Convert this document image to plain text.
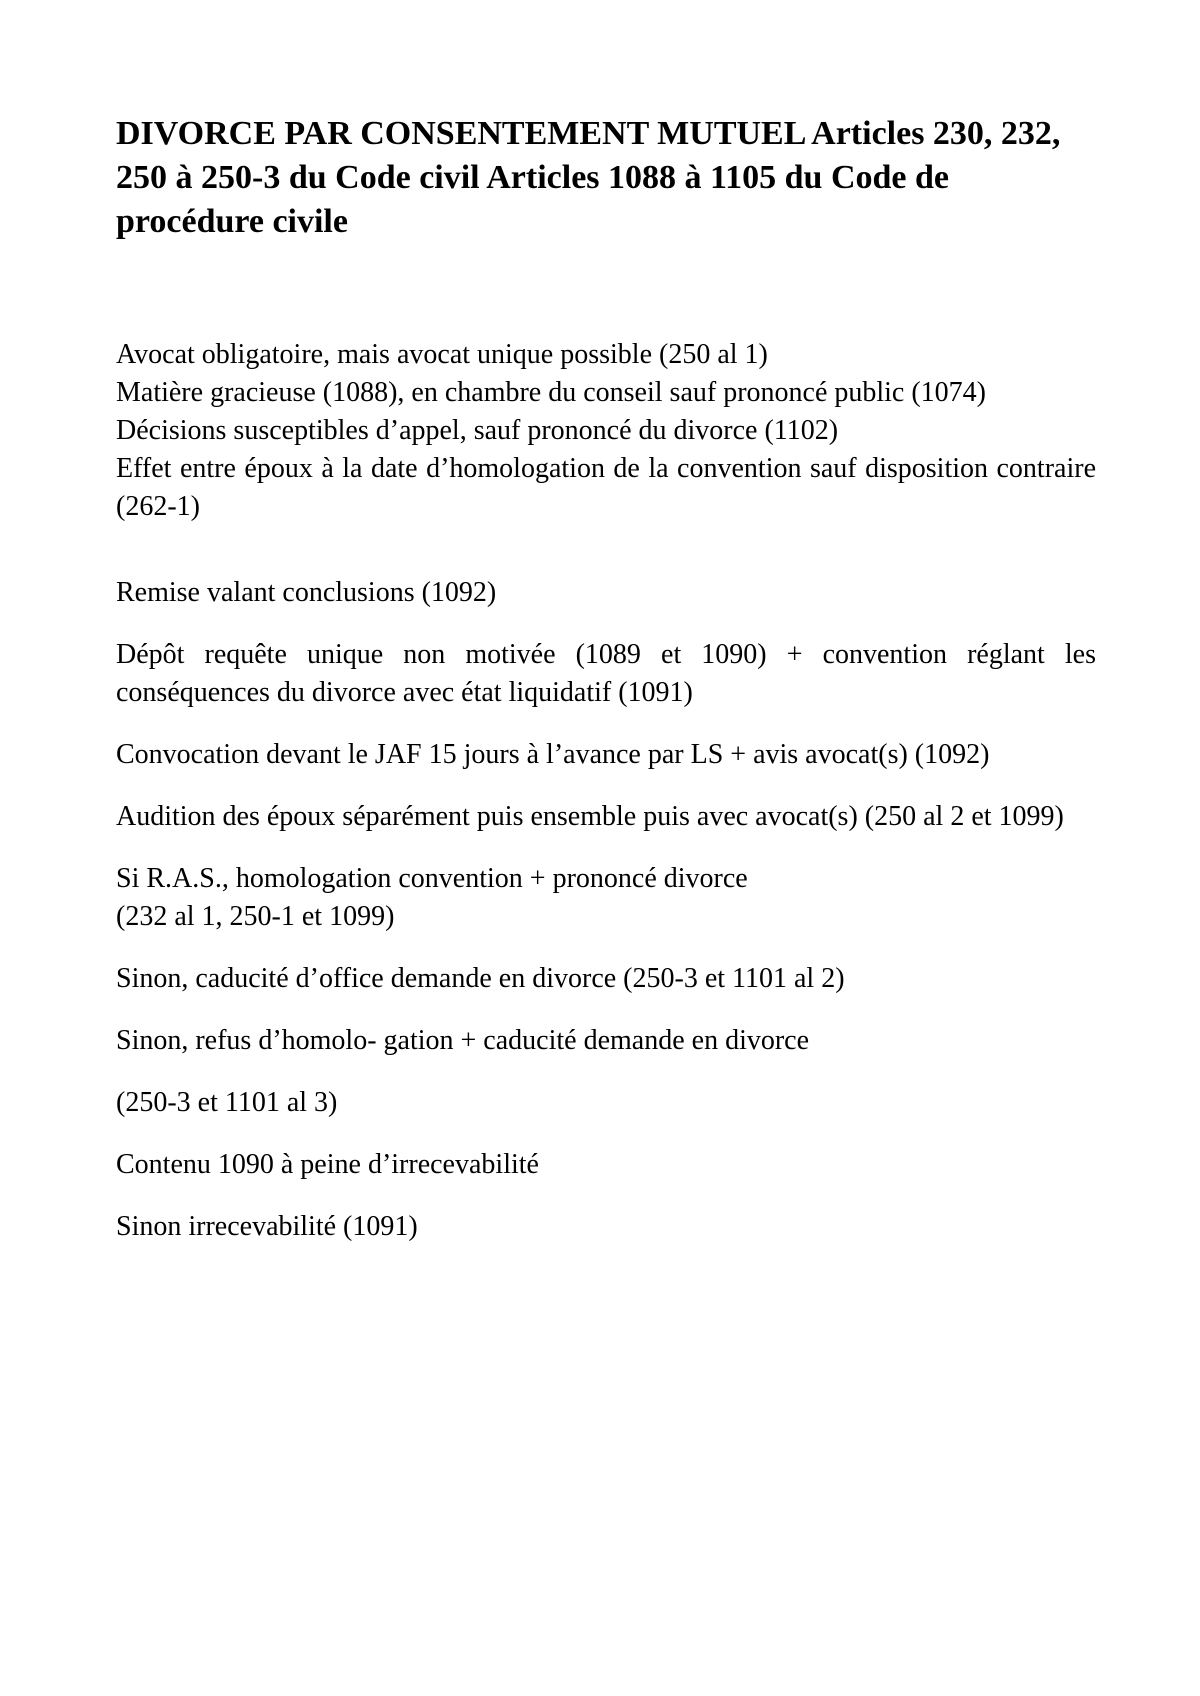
DIVORCE PAR CONSENTEMENT MUTUEL Articles 230, 232, 250 à 250-3 du Code civil Articles 1088 à 1105 du Code de procédure civile

Avocat obligatoire, mais avocat unique possible (250 al 1)

Matière gracieuse (1088), en chambre du conseil sauf prononcé public (1074)

Décisions susceptibles d’appel, sauf prononcé du divorce (1102)

Effet entre époux à la date d’homologation de la convention sauf disposition contraire (262-1)

Remise valant conclusions (1092)

Dépôt requête unique non motivée (1089 et 1090) + convention réglant les conséquences du divorce avec état liquidatif (1091)

Convocation devant le JAF 15 jours à l’avance par LS + avis avocat(s) (1092)

Audition des époux séparément puis ensemble puis avec avocat(s) (250 al 2 et 1099)

Si R.A.S., homologation convention + prononcé divorce
(232 al 1, 250-1 et 1099)

Sinon, caducité d’office demande en divorce (250-3 et 1101 al 2)

Sinon, refus d’homolo- gation + caducité demande en divorce

(250-3 et 1101 al 3)

Contenu 1090 à peine d’irrecevabilité

Sinon irrecevabilité (1091)
